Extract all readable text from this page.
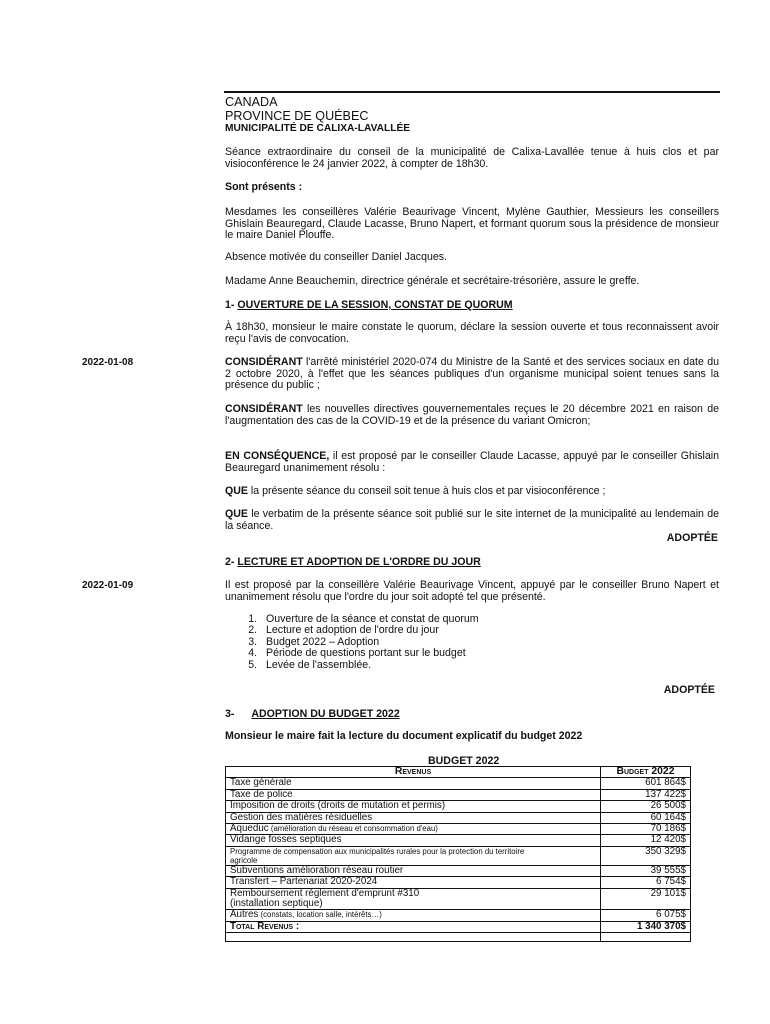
CANADA
PROVINCE DE QUÉBEC
MUNICIPALITÉ DE CALIXA-LAVALLÉE
Séance extraordinaire du conseil de la municipalité de Calixa-Lavallée tenue à huis clos et par visioconférence le 24 janvier 2022, à compter de 18h30.
Sont présents :
Mesdames les conseillères Valérie Beaurivage Vincent, Mylène Gauthier, Messieurs les conseillers Ghislain Beauregard, Claude Lacasse, Bruno Napert, et formant quorum sous la présidence de monsieur le maire Daniel Plouffe.
Absence motivée du conseiller Daniel Jacques.
Madame Anne Beauchemin, directrice générale et secrétaire-trésorière, assure le greffe.
1- OUVERTURE DE LA SESSION, CONSTAT DE QUORUM
À 18h30, monsieur le maire constate le quorum, déclare la session ouverte et tous reconnaissent avoir reçu l'avis de convocation.
2022-01-08	CONSIDÉRANT l'arrêté ministériel 2020-074 du Ministre de la Santé et des services sociaux en date du 2 octobre 2020, à l'effet que les séances publiques d'un organisme municipal soient tenues sans la présence du public ;
CONSIDÉRANT les nouvelles directives gouvernementales reçues le 20 décembre 2021 en raison de l'augmentation des cas de la COVID-19 et de la présence du variant Omicron;
EN CONSÉQUENCE, il est proposé par le conseiller Claude Lacasse, appuyé par le conseiller Ghislain Beauregard unanimement résolu :
QUE la présente séance du conseil soit tenue à huis clos et par visioconférence ;
QUE le verbatim de la présente séance soit publié sur le site internet de la municipalité au lendemain de la séance.
ADOPTÉE
2- LECTURE ET ADOPTION DE L'ORDRE DU JOUR
2022-01-09	Il est proposé par la conseillère Valérie Beaurivage Vincent, appuyé par le conseiller Bruno Napert et unanimement résolu que l'ordre du jour soit adopté tel que présenté.
1. Ouverture de la séance et constat de quorum
2. Lecture et adoption de l'ordre du jour
3. Budget 2022 – Adoption
4. Période de questions portant sur le budget
5. Levée de l'assemblée.
ADOPTÉE
3- ADOPTION DU BUDGET 2022
Monsieur le maire fait la lecture du document explicatif du budget 2022
BUDGET 2022
Revenus	Budget 2022
Taxe générale	601 864$
Taxe de police	137 422$
Imposition de droits (droits de mutation et permis)	26 500$
Gestion des matières résiduelles	60 164$
Aqueduc (amélioration du réseau et consommation d'eau)	70 186$
Vidange fosses septiques	12 420$

Programme de compensation aux municipalités rurales pour la protection du territoire agricole	350 329$
Subventions amélioration réseau routier	39 555$
Transfert – Partenariat 2020-2024	6 754$

Remboursement règlement d'emprunt #310 (installation septique)	29 101$
Autres (constats, location salle, intérêts…)	6 075$
Total Revenus :	1 340 370$
